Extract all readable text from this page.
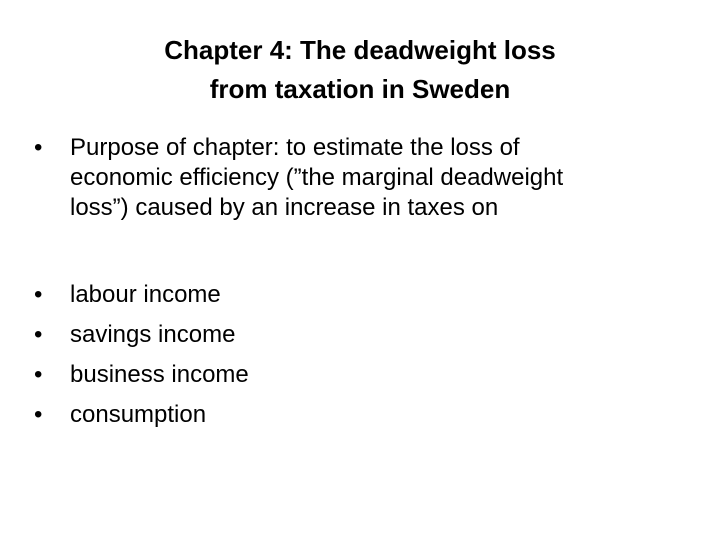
Chapter 4: The deadweight loss
from taxation in Sweden
•	Purpose of chapter: to estimate the loss of
economic efficiency (”the marginal deadweight
loss”) caused by an increase in taxes on
•	labour income
•	savings income
•	business income
•	consumption
